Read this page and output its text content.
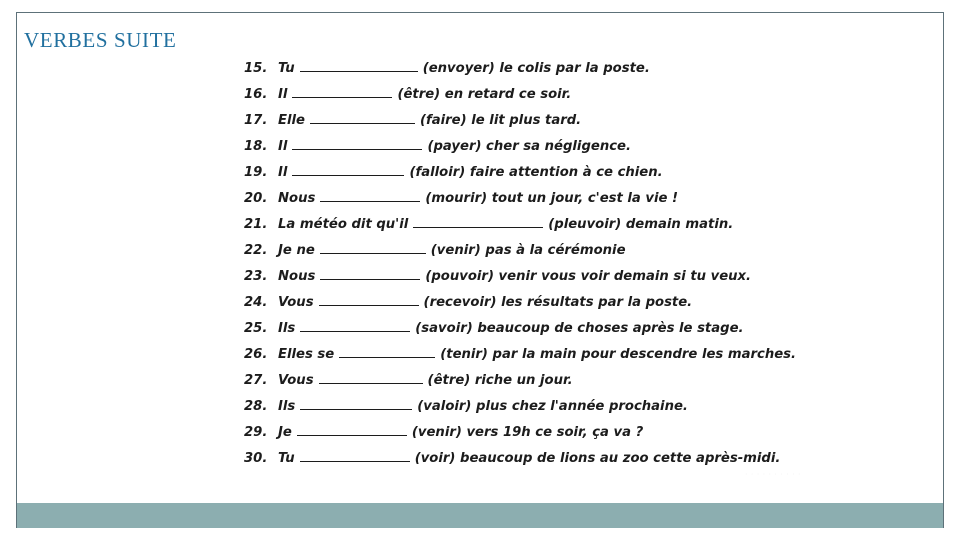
VERBES SUITE
15. Tu	(envoyer) le colis par la poste.
16. Il	(être) en retard ce soir.
17. Elle	(faire) le lit plus tard.
18. Il	(payer) cher sa négligence.
19. Il	(falloir) faire attention à ce chien.
20. Nous	(mourir) tout un jour, c'est la vie !
21. La météo dit qu'il	(pleuvoir) demain matin.
22. Je ne	(venir) pas à la cérémonie
23. Nous	(pouvoir) venir vous voir demain si tu veux.
24. Vous	(recevoir) les résultats par la poste.
25. Ils	(savoir) beaucoup de choses après le stage.
26. Elles se	(tenir) par la main pour descendre les marches.
27. Vous	(être) riche un jour.
28. Ils	(valoir) plus chez l'année prochaine.
29. Je	(venir) vers 19h ce soir, ça va ?
30. Tu	(voir) beaucoup de lions au zoo cette après-midi.
· · · · · · · · · ·
